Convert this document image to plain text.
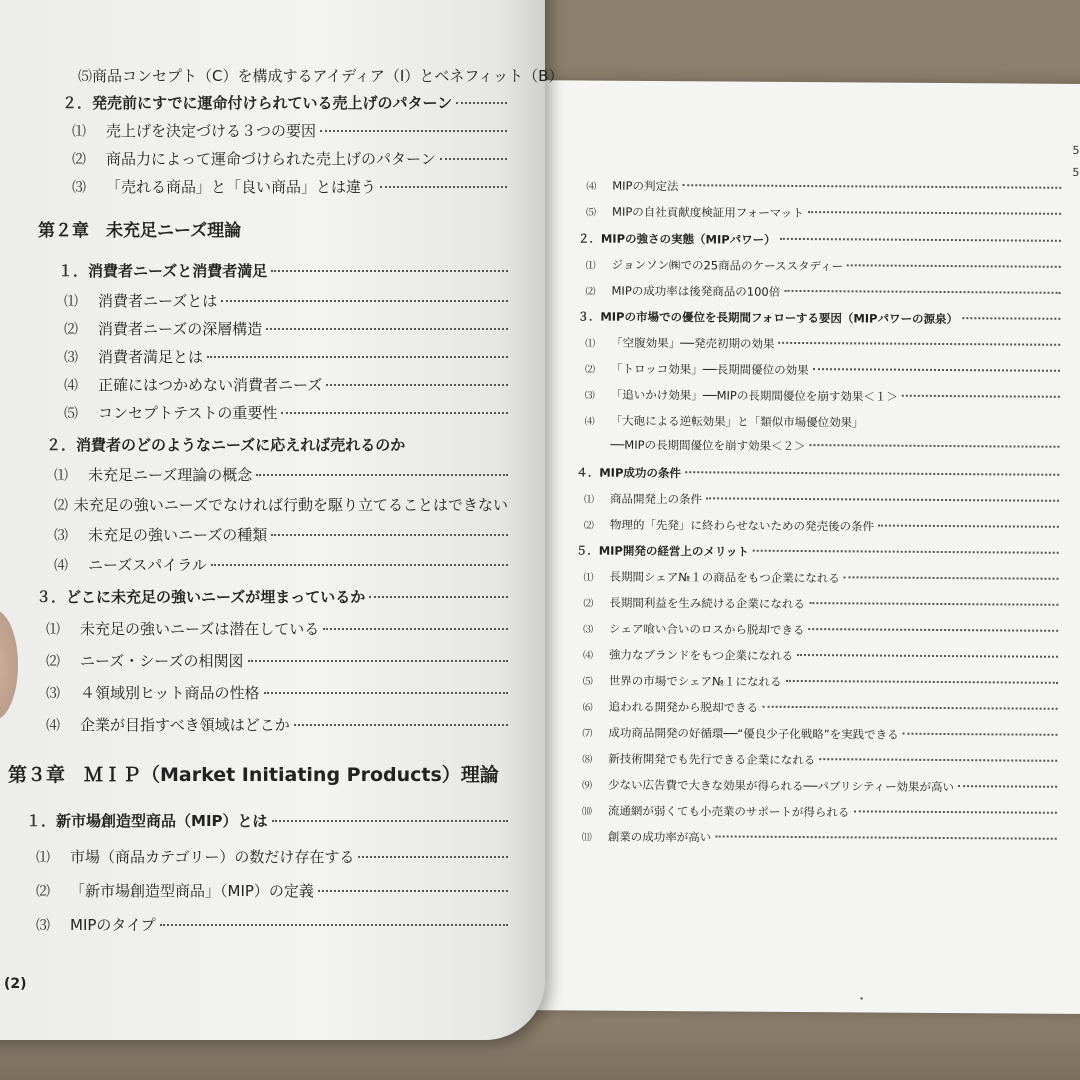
5
5
⑷	MIPの判定法
⑸	MIPの自社貢献度検証用フォーマット
２． MIPの強さの実態（MIPパワー）
⑴	ジョンソン㈱での25商品のケーススタディー
⑵	MIPの成功率は後発商品の100倍
３． MIPの市場での優位を長期間フォローする要因（MIPパワーの源泉）
⑴	「空腹効果」──発売初期の効果
⑵	「トロッコ効果」──長期間優位の効果
⑶	「追いかけ効果」──MIPの長期間優位を崩す効果＜１＞
⑷	「大砲による逆転効果」と「類似市場優位効果」
──MIPの長期間優位を崩す効果＜２＞
４． MIP成功の条件
⑴	商品開発上の条件
⑵	物理的「先発」に終わらせないための発売後の条件
５． MIP開発の経営上のメリット
⑴	長期間シェア№１の商品をもつ企業になれる
⑵	長期間利益を生み続ける企業になれる
⑶	シェア喰い合いのロスから脱却できる
⑷	強力なブランドをもつ企業になれる
⑸	世界の市場でシェア№１になれる
⑹	追われる開発から脱却できる
⑺	成功商品開発の好循環──“優良少子化戦略”を実践できる
⑻	新技術開発でも先行できる企業になれる
⑼	少ない広告費で大きな効果が得られる──パブリシティー効果が高い
⑽	流通網が弱くても小売業のサポートが得られる
⑾	創業の成功率が高い
⑸ 商品コンセプト（C）を構成するアイディア（I）とベネフィット（B）
２． 発売前にすでに運命付けられている売上げのパターン
⑴	売上げを決定づける３つの要因
⑵	商品力によって運命づけられた売上げのパターン
⑶	「売れる商品」と「良い商品」とは違う
第２章　未充足ニーズ理論
１． 消費者ニーズと消費者満足
⑴	消費者ニーズとは
⑵	消費者ニーズの深層構造
⑶	消費者満足とは
⑷	正確にはつかめない消費者ニーズ
⑸	コンセプトテストの重要性
２． 消費者のどのようなニーズに応えれば売れるのか
⑴	未充足ニーズ理論の概念
⑵ 未充足の強いニーズでなければ行動を駆り立てることはできない
⑶	未充足の強いニーズの種類
⑷	ニーズスパイラル
３． どこに未充足の強いニーズが埋まっているか
⑴	未充足の強いニーズは潜在している
⑵	ニーズ・シーズの相関図
⑶	４領域別ヒット商品の性格
⑷	企業が目指すべき領域はどこか
第３章　ＭＩＰ（Market Initiating Products）理論
１． 新市場創造型商品（MIP）とは
⑴	市場（商品カテゴリー）の数だけ存在する
⑵	「新市場創造型商品」（MIP）の定義
⑶	MIPのタイプ
(2)
